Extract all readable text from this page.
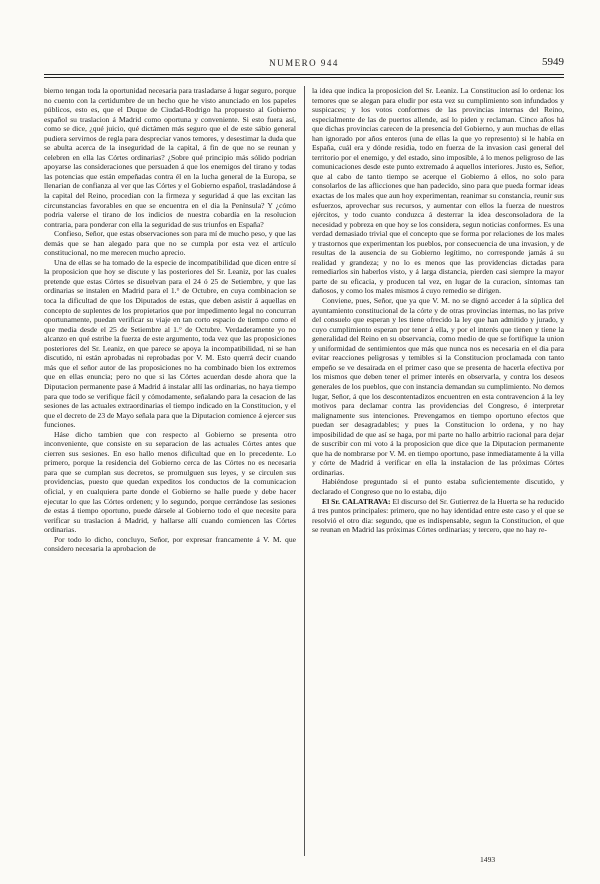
NUMERO 944	5949

bierno tengan toda la oportunidad necesaria para trasladarse á lugar seguro, porque no cuento con la certidumbre de un hecho que he visto anunciado en los papeles públicos, esto es, que el Duque de Ciudad-Rodrigo ha propuesto al Gobierno español su traslacion á Madrid como oportuna y conveniente. Si esto fuera así, como se dice, ¿qué juicio, qué dictámen más seguro que el de este sábio general pudiera servirnos de regla para despreciar vanos temores, y desestimar la duda que se abulta acerca de la inseguridad de la capital, á fin de que no se reunan y celebren en ella las Córtes ordinarias? ¿Sobre qué principio más sólido podrian apoyarse las consideraciones que persuaden á que los enemigos del tirano y todas las potencias que están empeñadas contra él en la lucha general de la Europa, se llenarian de confianza al ver que las Córtes y el Gobierno español, trasladándose á la capital del Reino, procedian con la firmeza y seguridad á que las excitan las circunstancias favorables en que se encuentra en el dia la Península? Y ¿cómo podria valerse el tirano de los indicios de nuestra cobardía en la resolucion contraria, para ponderar con ella la seguridad de sus triunfos en España?

Confieso, Señor, que estas observaciones son para mí de mucho peso, y que las demás que se han alegado para que no se cumpla por esta vez el artículo constitucional, no me merecen mucho aprecio.

Una de ellas se ha tomado de la especie de incompatibilidad que dicen entre sí la proposicion que hoy se discute y las posteriores del Sr. Leaniz, por las cuales pretende que estas Córtes se disuelvan para el 24 ó 25 de Setiembre, y que las ordinarias se instalen en Madrid para el 1.° de Octubre, en cuya combinacion se toca la dificultad de que los Diputados de estas, que deben asistir á aquellas en concepto de suplentes de los propietarios que por impedimento legal no concurran oportunamente, puedan verificar su viaje en tan corto espacio de tiempo como el que media desde el 25 de Setiembre al 1.° de Octubre. Verdaderamente yo no alcanzo en qué estribe la fuerza de este argumento, toda vez que las proposiciones posteriores del Sr. Leaniz, en que parece se apoya la incompatibilidad, ni se han discutido, ni están aprobadas ni reprobadas por V. M. Esto querrá decir cuando más que el señor autor de las proposiciones no ha combinado bien los extremos que en ellas enuncia; pero no que si las Córtes acuerdan desde ahora que la Diputacion permanente pase á Madrid á instalar allí las ordinarias, no haya tiempo para que todo se verifique fácil y cómodamente, señalando para la cesacion de las sesiones de las actuales extraordinarias el tiempo indicado en la Constitucion, y el que el decreto de 23 de Mayo señala para que la Diputacion comience á ejercer sus funciones.

Háse dicho tambien que con respecto al Gobierno se presenta otro inconveniente, que consiste en su separacion de las actuales Córtes antes que cierren sus sesiones. En eso hallo menos dificultad que en lo precedente. Lo primero, porque la residencia del Gobierno cerca de las Córtes no es necesaria para que se cumplan sus decretos, se promulguen sus leyes, y se circulen sus providencias, puesto que quedan expeditos los conductos de la comunicacion oficial, y en cualquiera parte donde el Gobierno se halle puede y debe hacer ejecutar lo que las Córtes ordenen; y lo segundo, porque cerrándose las sesiones de estas á tiempo oportuno, puede dársele al Gobierno todo el que necesite para verificar su traslacion á Madrid, y hallarse allí cuando comiencen las Córtes ordinarias.

Por todo lo dicho, concluyo, Señor, por expresar francamente á V. M. que considero necesaria la aprobacion de

la idea que indica la proposicion del Sr. Leaniz. La Constitucion así lo ordena: los temores que se alegan para eludir por esta vez su cumplimiento son infundados y suspicaces; y los votos conformes de las provincias internas del Reino, especialmente de las de puertos allende, así lo piden y reclaman. Cinco años há que dichas provincias carecen de la presencia del Gobierno, y aun muchas de ellas han ignorado por años enteros (una de ellas la que yo represento) si le había en España, cuál era y dónde residia, todo en fuerza de la invasion casi general del territorio por el enemigo, y del estado, sino imposible, á lo menos peligroso de las comunicaciones desde este punto extremado á aquellos interiores. Justo es, Señor, que al cabo de tanto tiempo se acerque el Gobierno á ellos, no solo para consolarlos de las aflicciones que han padecido, sino para que pueda formar ideas exactas de los males que aun hoy experimentan, reanimar su constancia, reunir sus esfuerzos, aprovechar sus recursos, y aumentar con ellos la fuerza de nuestros ejércitos, y todo cuanto conduzca á desterrar la idea desconsoladora de la necesidad y pobreza en que hoy se los considera, segun noticias conformes. Es una verdad demasiado trivial que el concepto que se forma por relaciones de los males y trastornos que experimentan los pueblos, por consecuencia de una invasion, y de resultas de la ausencia de su Gobierno legítimo, no corresponde jamás á su realidad y grandeza; y no lo es menos que las providencias dictadas para remediarlos sin haberlos visto, y á larga distancia, pierden casi siempre la mayor parte de su eficacia, y producen tal vez, en lugar de la curacion, síntomas tan dañosos, y como los males mismos á cuyo remedio se dirigen.

Conviene, pues, Señor, que ya que V. M. no se dignó acceder á la súplica del ayuntamiento constitucional de la córte y de otras provincias internas, no las prive del consuelo que esperan y les tiene ofrecido la ley que han admitido y jurado, y cuyo cumplimiento esperan por tener á ella, y por el interés que tienen y tiene la generalidad del Reino en su observancia, como medio de que se fortifique la union y uniformidad de sentimientos que más que nunca nos es necesaria en el dia para evitar reacciones peligrosas y temibles si la Constitucion proclamada con tanto empeño se ve desairada en el primer caso que se presenta de hacerla efectiva por los mismos que deben tener el primer interés en observarla, y contra los deseos generales de los pueblos, que con instancia demandan su cumplimiento. No demos lugar, Señor, á que los descontentadizos encuentren en esta contravencion á la ley motivos para declamar contra las providencias del Congreso, é interpretar malignamente sus intenciones. Prevengamos en tiempo oportuno efectos que puedan ser desagradables; y pues la Constitucion lo ordena, y no hay imposibilidad de que así se haga, por mi parte no hallo arbitrio racional para dejar de suscribir con mi voto á la proposicion que dice que la Diputacion permanente que ha de nombrarse por V. M. en tiempo oportuno, pase inmediatamente á la villa y córte de Madrid á verificar en ella la instalacion de las próximas Córtes ordinarias.

Habiéndose preguntado si el punto estaba suficientemente discutido, y declarado el Congreso que no lo estaba, dijo

El Sr. CALATRAVA: El discurso del Sr. Gutierrez de la Huerta se ha reducido á tres puntos principales: primero, que no hay identidad entre este caso y el que se resolvió el otro dia: segundo, que es indispensable, segun la Constitucion, el que se reunan en Madrid las próximas Córtes ordinarias; y tercero, que no hay re-

1493
